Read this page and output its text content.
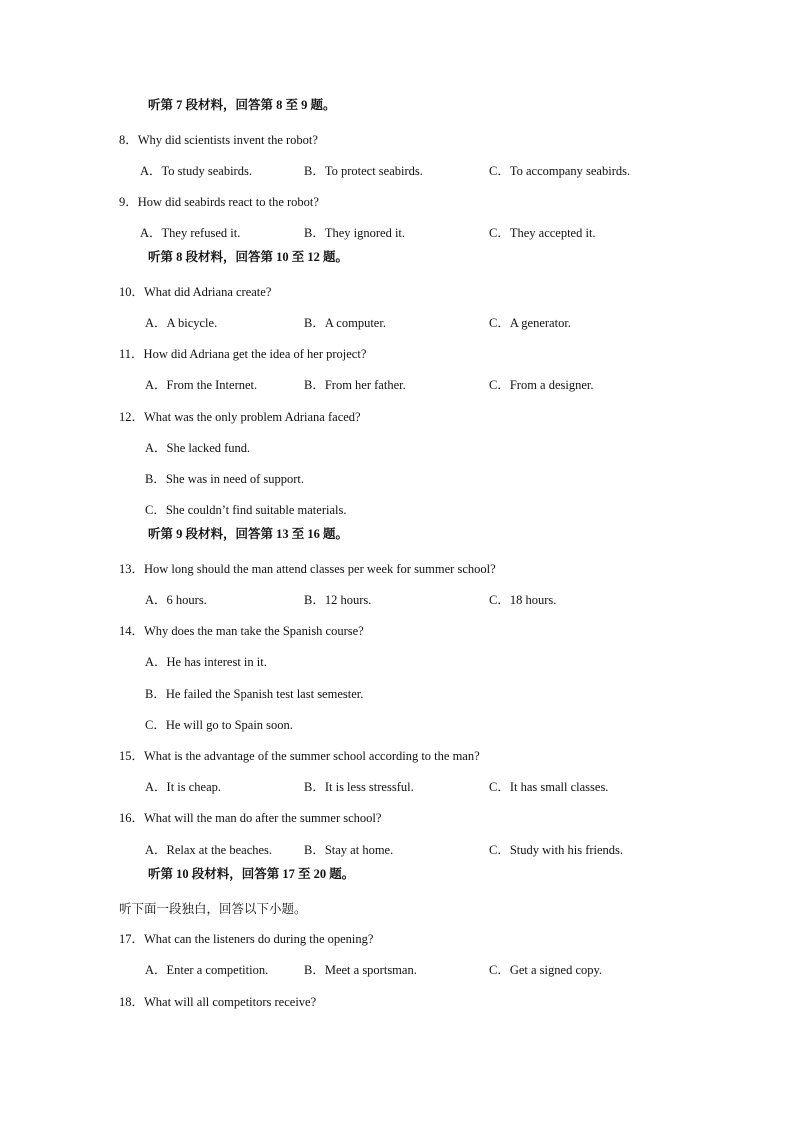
听第 7 段材料，回答第 8 至 9 题。
8．Why did scientists invent the robot?
A．To study seabirds.	B．To protect seabirds.	C．To accompany seabirds.
9．How did seabirds react to the robot?
A．They refused it.	B．They ignored it.	C．They accepted it.
听第 8 段材料，回答第 10 至 12 题。
10．What did Adriana create?
A．A bicycle.	B．A computer.	C．A generator.
11．How did Adriana get the idea of her project?
A．From the Internet.	B．From her father.	C．From a designer.
12．What was the only problem Adriana faced?
A．She lacked fund.
B．She was in need of support.
C．She couldn’t find suitable materials.
听第 9 段材料，回答第 13 至 16 题。
13．How long should the man attend classes per week for summer school?
A．6 hours.	B．12 hours.	C．18 hours.
14．Why does the man take the Spanish course?
A．He has interest in it.
B．He failed the Spanish test last semester.
C．He will go to Spain soon.
15．What is the advantage of the summer school according to the man?
A．It is cheap.	B．It is less stressful.	C．It has small classes.
16．What will the man do after the summer school?
A．Relax at the beaches.	B．Stay at home.	C．Study with his friends.
听第 10 段材料，回答第 17 至 20 题。
听下面一段独白，回答以下小题。
17．What can the listeners do during the opening?
A．Enter a competition.	B．Meet a sportsman.	C．Get a signed copy.
18．What will all competitors receive?
